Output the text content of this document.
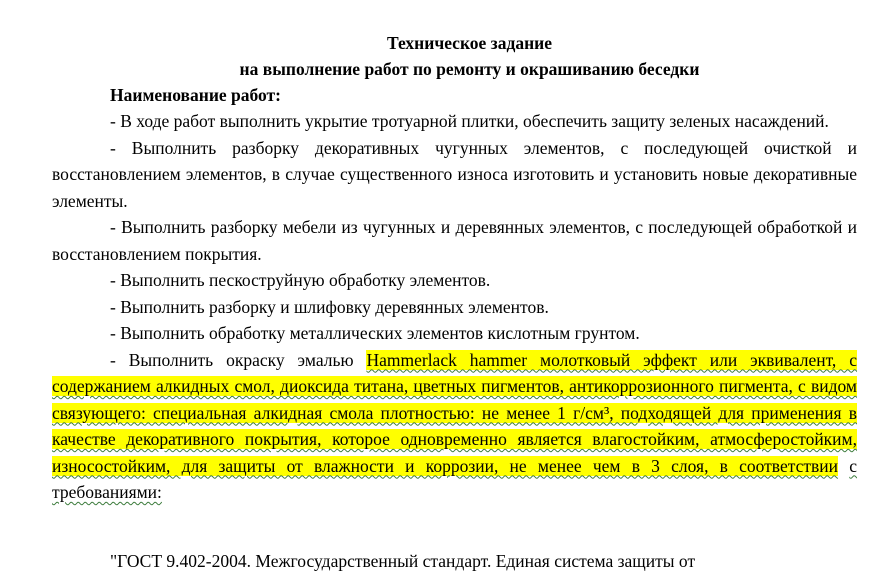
Техническое задание

на выполнение работ по ремонту и окрашиванию беседки

Наименование работ:

- В ходе работ выполнить укрытие тротуарной плитки, обеспечить защиту зеленых насаждений.

- Выполнить разборку декоративных чугунных элементов, с последующей очисткой и восстановлением элементов, в случае существенного износа изготовить и установить новые декоративные элементы.

- Выполнить разборку мебели из чугунных и деревянных элементов, с последующей обработкой и восстановлением покрытия.

- Выполнить пескоструйную обработку элементов.

- Выполнить разборку и шлифовку деревянных элементов.

- Выполнить обработку металлических элементов кислотным грунтом.

- Выполнить окраску эмалью Hammerlack hammer молотковый эффект или эквивалент, с содержанием алкидных смол, диоксида титана, цветных пигментов, антикоррозионного пигмента, с видом связующего: специальная алкидная смола плотностью: не менее 1 г/см³, подходящей для применения в качестве декоративного покрытия, которое одновременно является влагостойким, атмосферостойким, износостойким, для защиты от влажности и коррозии, не менее чем в 3 слоя, в соответствии с требованиями:

"ГОСТ 9.402-2004. Межгосударственный стандарт. Единая система защиты от
